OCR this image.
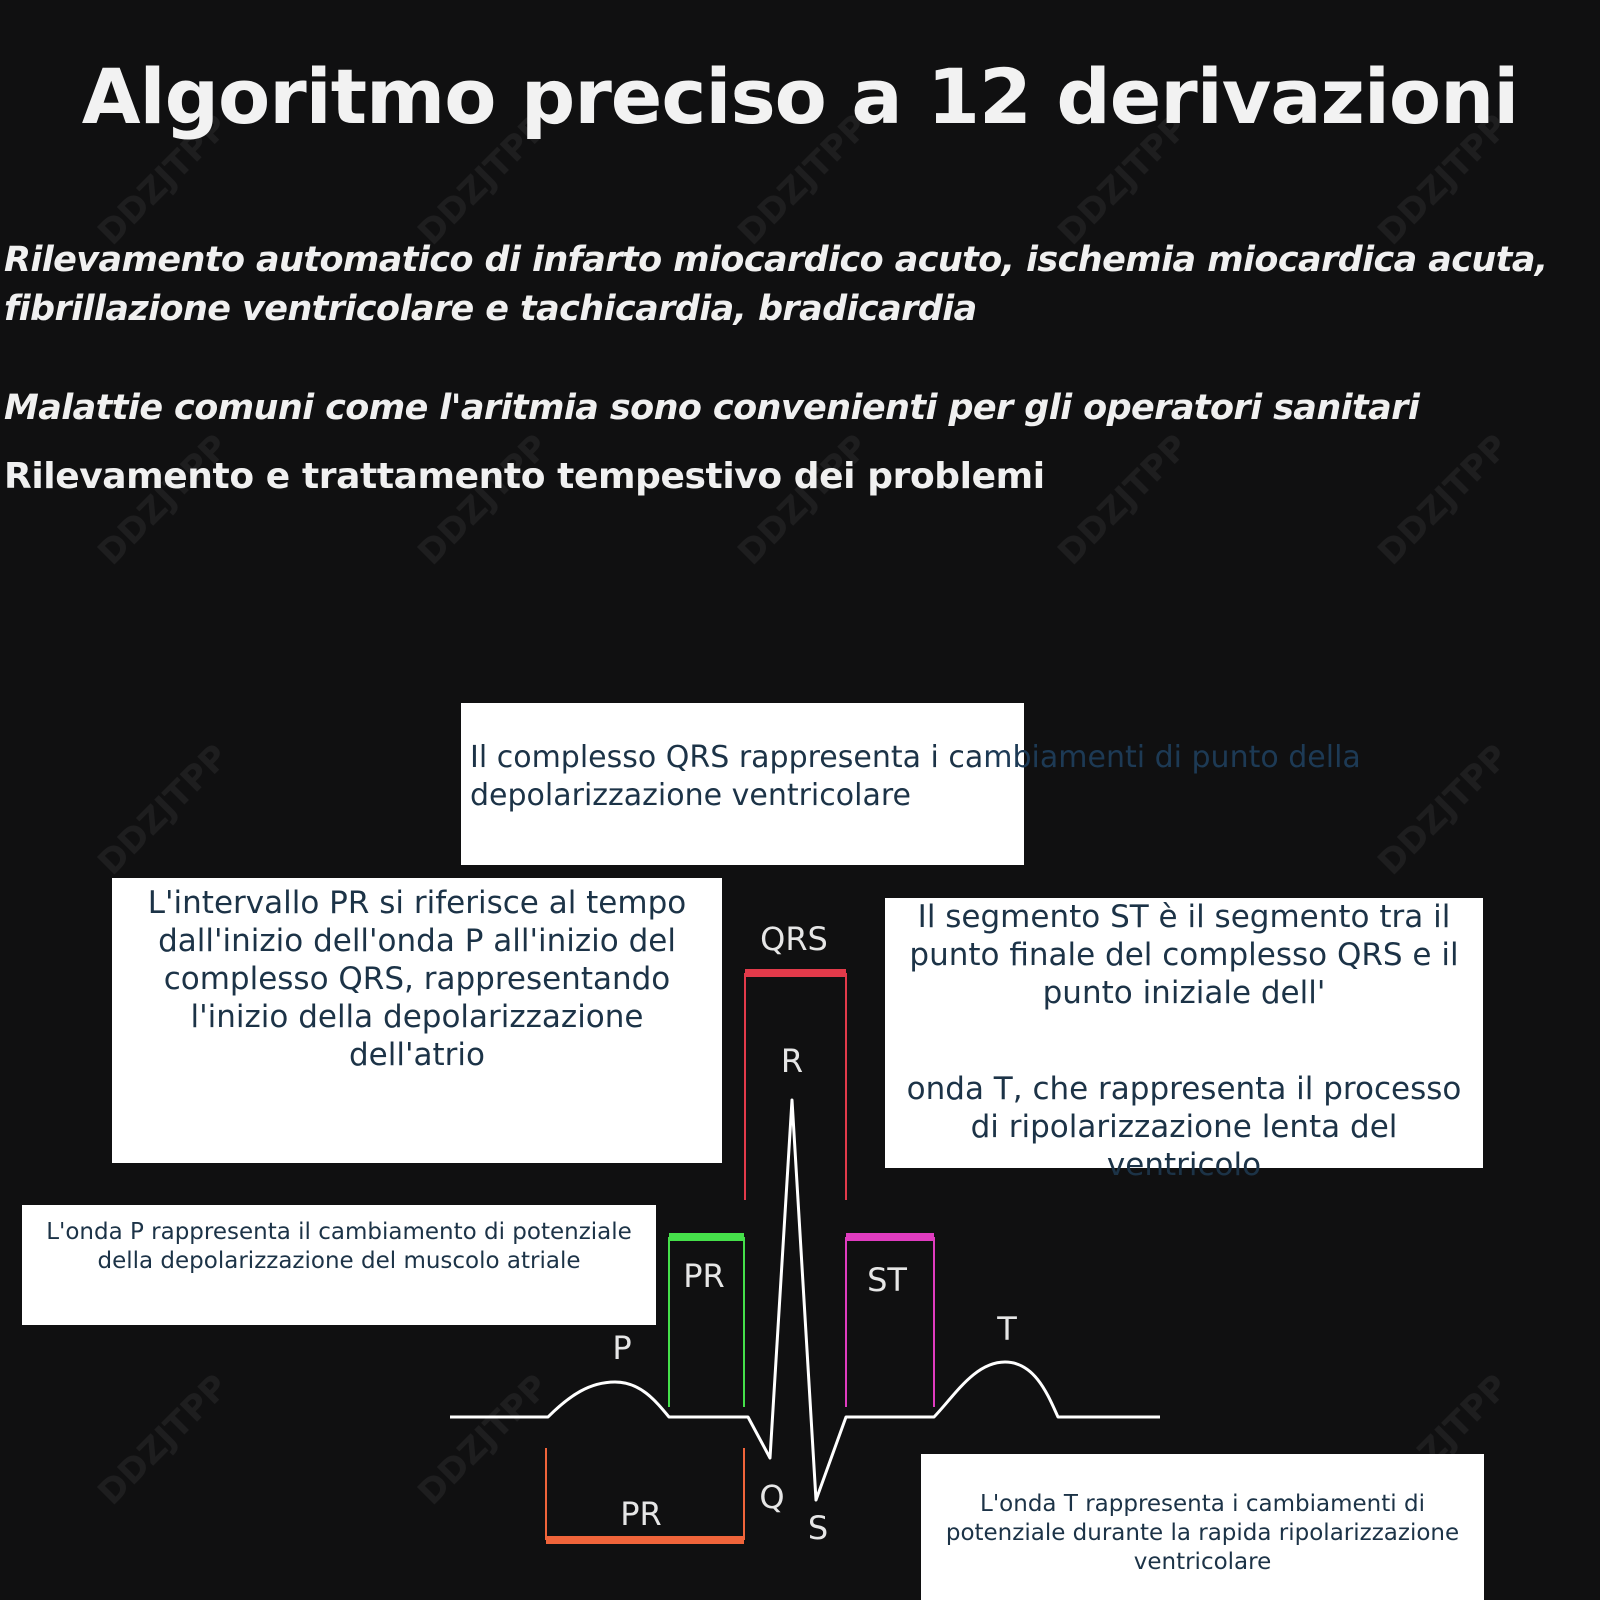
DDZJTPP	DDZJTPP	DDZJTPP	DDZJTPP	DDZJTPP
DDZJTPP	DDZJTPP	DDZJTPP	DDZJTPP	DDZJTPP
DDZJTPP	DDZJTPP
DDZJTPP	DDZJTPP	DDZJTPP
Algoritmo preciso a 12 derivazioni
Rilevamento automatico di infarto miocardico acuto, ischemia miocardica acuta,
fibrillazione ventricolare e tachicardia, bradicardia
Malattie comuni come l'aritmia sono convenienti per gli operatori sanitari
Rilevamento e trattamento tempestivo dei problemi
QRS
R
PR	ST
P	T
Q
S
PR
Il complesso QRS rappresenta i cambiamenti di punto della
depolarizzazione ventricolare
L'intervallo PR si riferisce al tempo dall'inizio dell'onda P all'inizio del complesso QRS, rappresentando l'inizio della depolarizzazione dell'atrio
Il segmento ST è il segmento tra il punto finale del complesso QRS e il punto iniziale dell'
onda T, che rappresenta il processo di ripolarizzazione lenta del ventricolo
L'onda P rappresenta il cambiamento di potenziale della depolarizzazione del muscolo atriale
L'onda T rappresenta i cambiamenti di potenziale durante la rapida ripolarizzazione ventricolare
